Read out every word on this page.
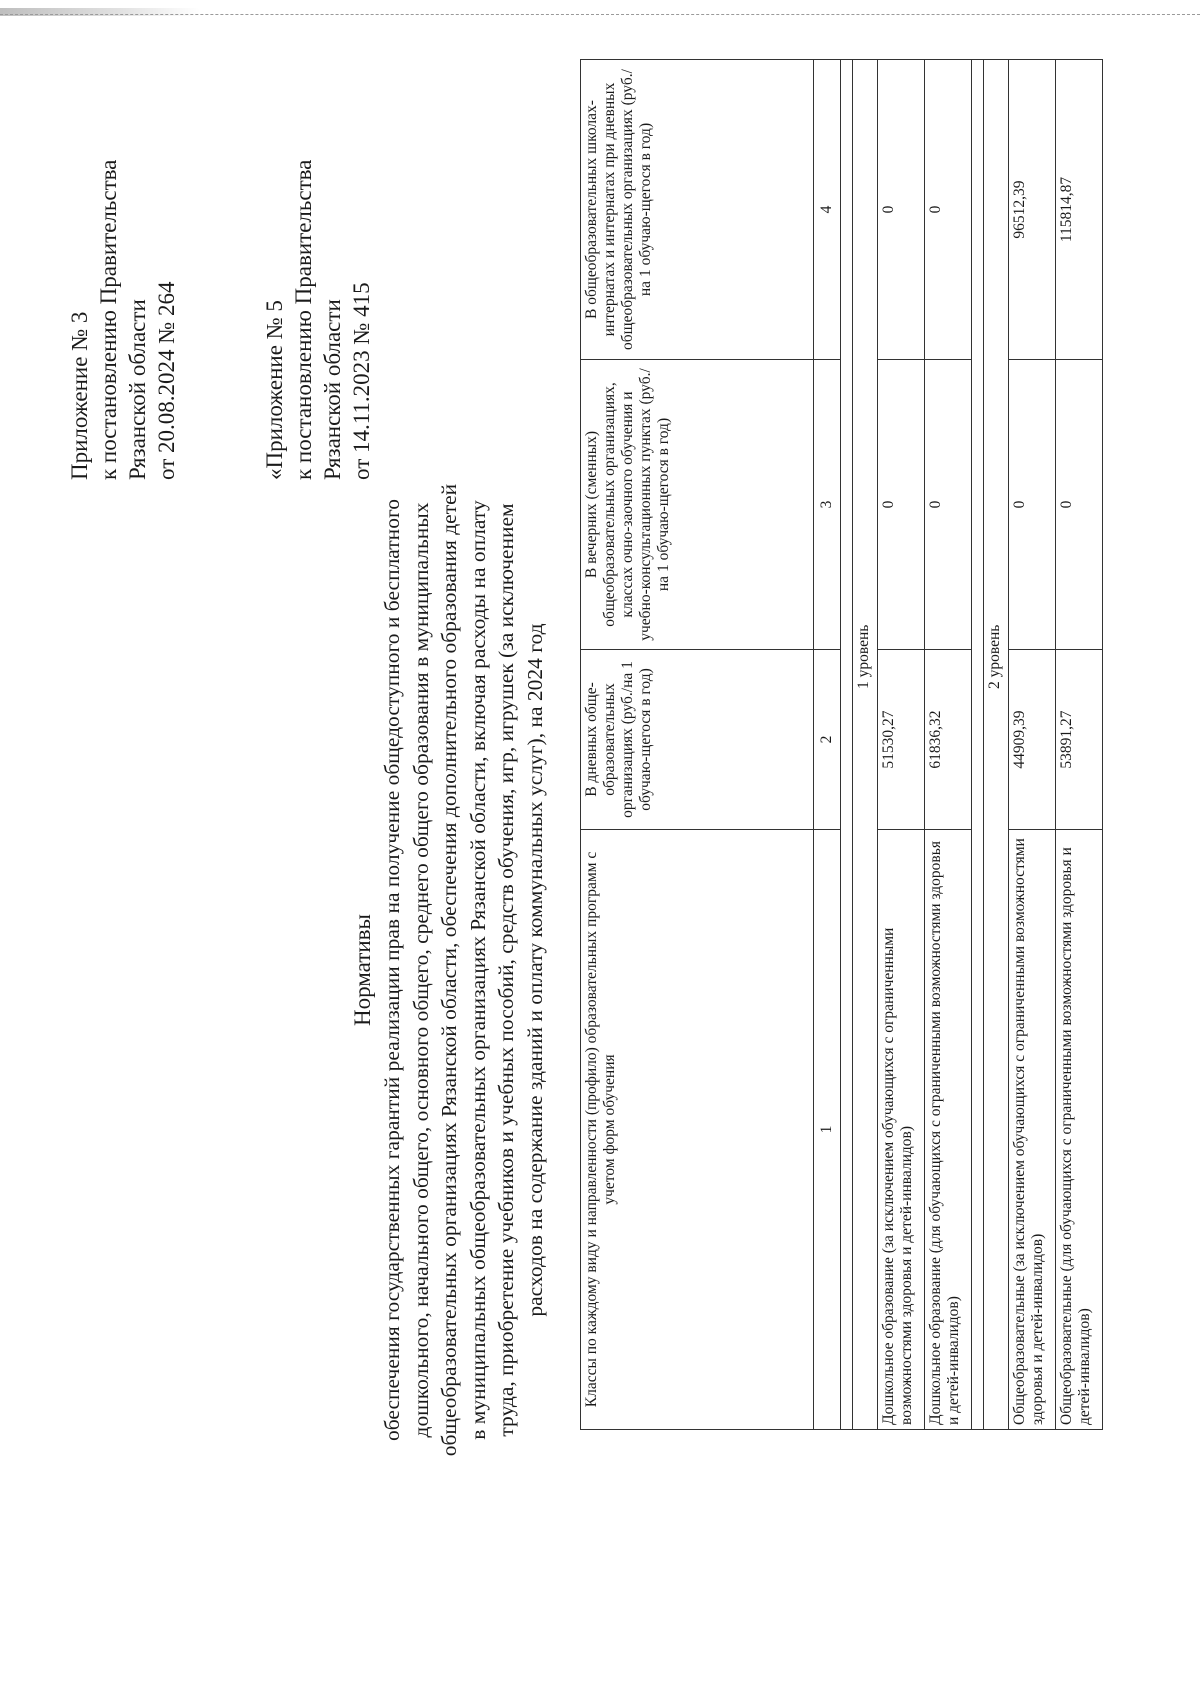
Приложение № 3 к постановлению Правительства Рязанской области от 20.08.2024 № 264	«Приложение № 5 к постановлению Правительства Рязанской области от 14.11.2023 № 415
Нормативы обеспечения государственных гарантий реализации прав на получение общедоступного и бесплатного дошкольного, начального общего, основного общего, среднего общего образования в муниципальных общеобразовательных организациях Рязанской области, обеспечения дополнительного образования детей в муниципальных общеобразовательных организациях Рязанской области, включая расходы на оплату труда, приобретение учебников и учебных пособий, средств обучения, игр, игрушек (за исключением расходов на содержание зданий и оплату коммунальных услуг), на 2024 год Классы по каждому виду и направленности (профило) образовательных программ с учетом форм обучения	В дневных обще-образовательных организациях (руб./на 1 обучаю-щегося в год)	В вечерних (сменных) общеобразовательных организациях, классах очно-заочного обучения и учебно-консультационных пунктах (руб./на 1 обучаю-щегося в год)	В общеобразовательных школах-интернатах и интернатах при дневных общеобразовательных организациях (руб./на 1 обучаю-щегося в год)
1	2	3	4

1 уровень			
Дошкольное образование (за исключением обучающихся с ограниченными возможностями здоровья и детей-инвалидов)	51530,27	0	0
Дошкольное образование (для обучающихся с ограниченными возможностями здоровья и детей-инвалидов)	61836,32	0	0

2 уровень			
Общеобразовательные (за исключением обучающихся с ограниченными возможностями здоровья и детей-инвалидов)	44909,39	0	96512,39
Общеобразовательные (для обучающихся с ограниченными возможностями здоровья и детей-инвалидов)	53891,27	0	115814,87
